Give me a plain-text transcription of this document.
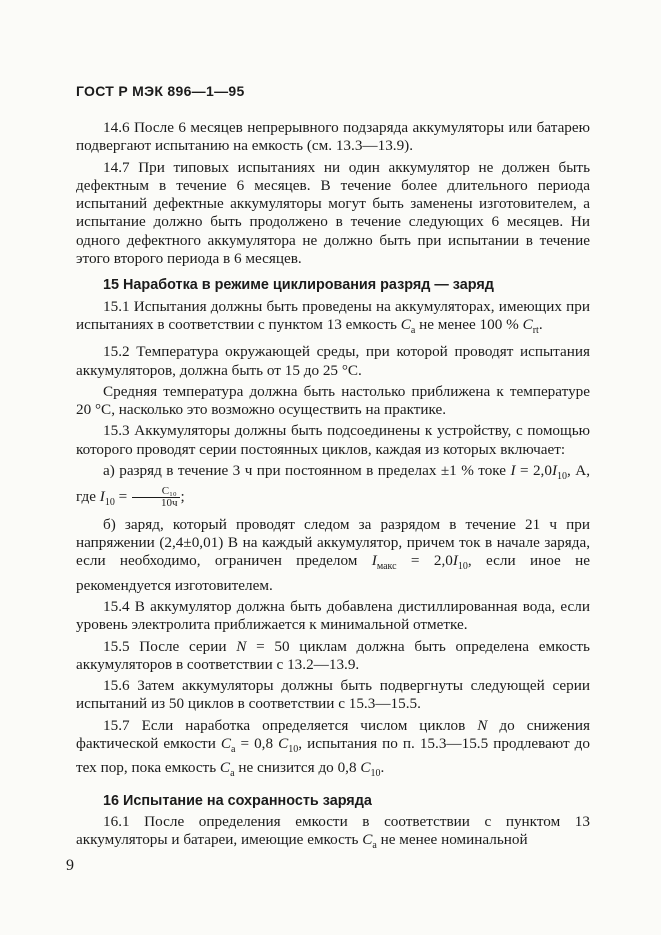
ГОСТ Р МЭК 896—1—95

14.6 После 6 месяцев непрерывного подзаряда аккумуляторы или батарею подвергают испытанию на емкость (см. 13.3—13.9).

14.7 При типовых испытаниях ни один аккумулятор не должен быть дефектным в течение 6 месяцев. В течение более длительного периода испытаний дефектные аккумуляторы могут быть заменены изготовителем, а испытание должно быть продолжено в течение следующих 6 месяцев. Ни одного дефектного аккумулятора не должно быть при испытании в течение этого второго периода в 6 месяцев.

15 Наработка в режиме циклирования разряд — заряд

15.1 Испытания должны быть проведены на аккумуляторах, имеющих при испытаниях в соответствии с пунктом 13 емкость $C_a$ не менее 100 % $C_{rt}$.

15.2 Температура окружающей среды, при которой проводят испытания аккумуляторов, должна быть от 15 до 25 °С.

Средняя температура должна быть настолько приближена к температуре 20 °С, насколько это возможно осуществить на практике.

15.3 Аккумуляторы должны быть подсоединены к устройству, с помощью которого проводят серии постоянных циклов, каждая из которых включает:

а) разряд в течение 3 ч при постоянном в пределах ±1 % токе $I = 2,0I_{10}$, А, где $I_{10} = \frac{\text{C₁₀}}{10ч}$ ;

б) заряд, который проводят следом за разрядом в течение 21 ч при напряжении (2,4±0,01) В на каждый аккумулятор, причем ток в начале заряда, если необходимо, ограничен пределом $I_{макс} = 2,0I_{10}$, если иное не рекомендуется изготовителем.

15.4 В аккумулятор должна быть добавлена дистиллированная вода, если уровень электролита приближается к минимальной отметке.

15.5 После серии N = 50 циклам должна быть определена емкость аккумуляторов в соответствии с 13.2—13.9.

15.6 Затем аккумуляторы должны быть подвергнуты следующей серии испытаний из 50 циклов в соответствии с 15.3—15.5.

15.7 Если наработка определяется числом циклов N до снижения фактической емкости $C_a = 0,8$ $C_{10}$, испытания по п. 15.3—15.5 продлевают до тех пор, пока емкость $C_a$ не снизится до 0,8 $C_{10}$.

16 Испытание на сохранность заряда

16.1 После определения емкости в соответствии с пунктом 13 аккумуляторы и батареи, имеющие емкость $C_a$ не менее номинальной

9
